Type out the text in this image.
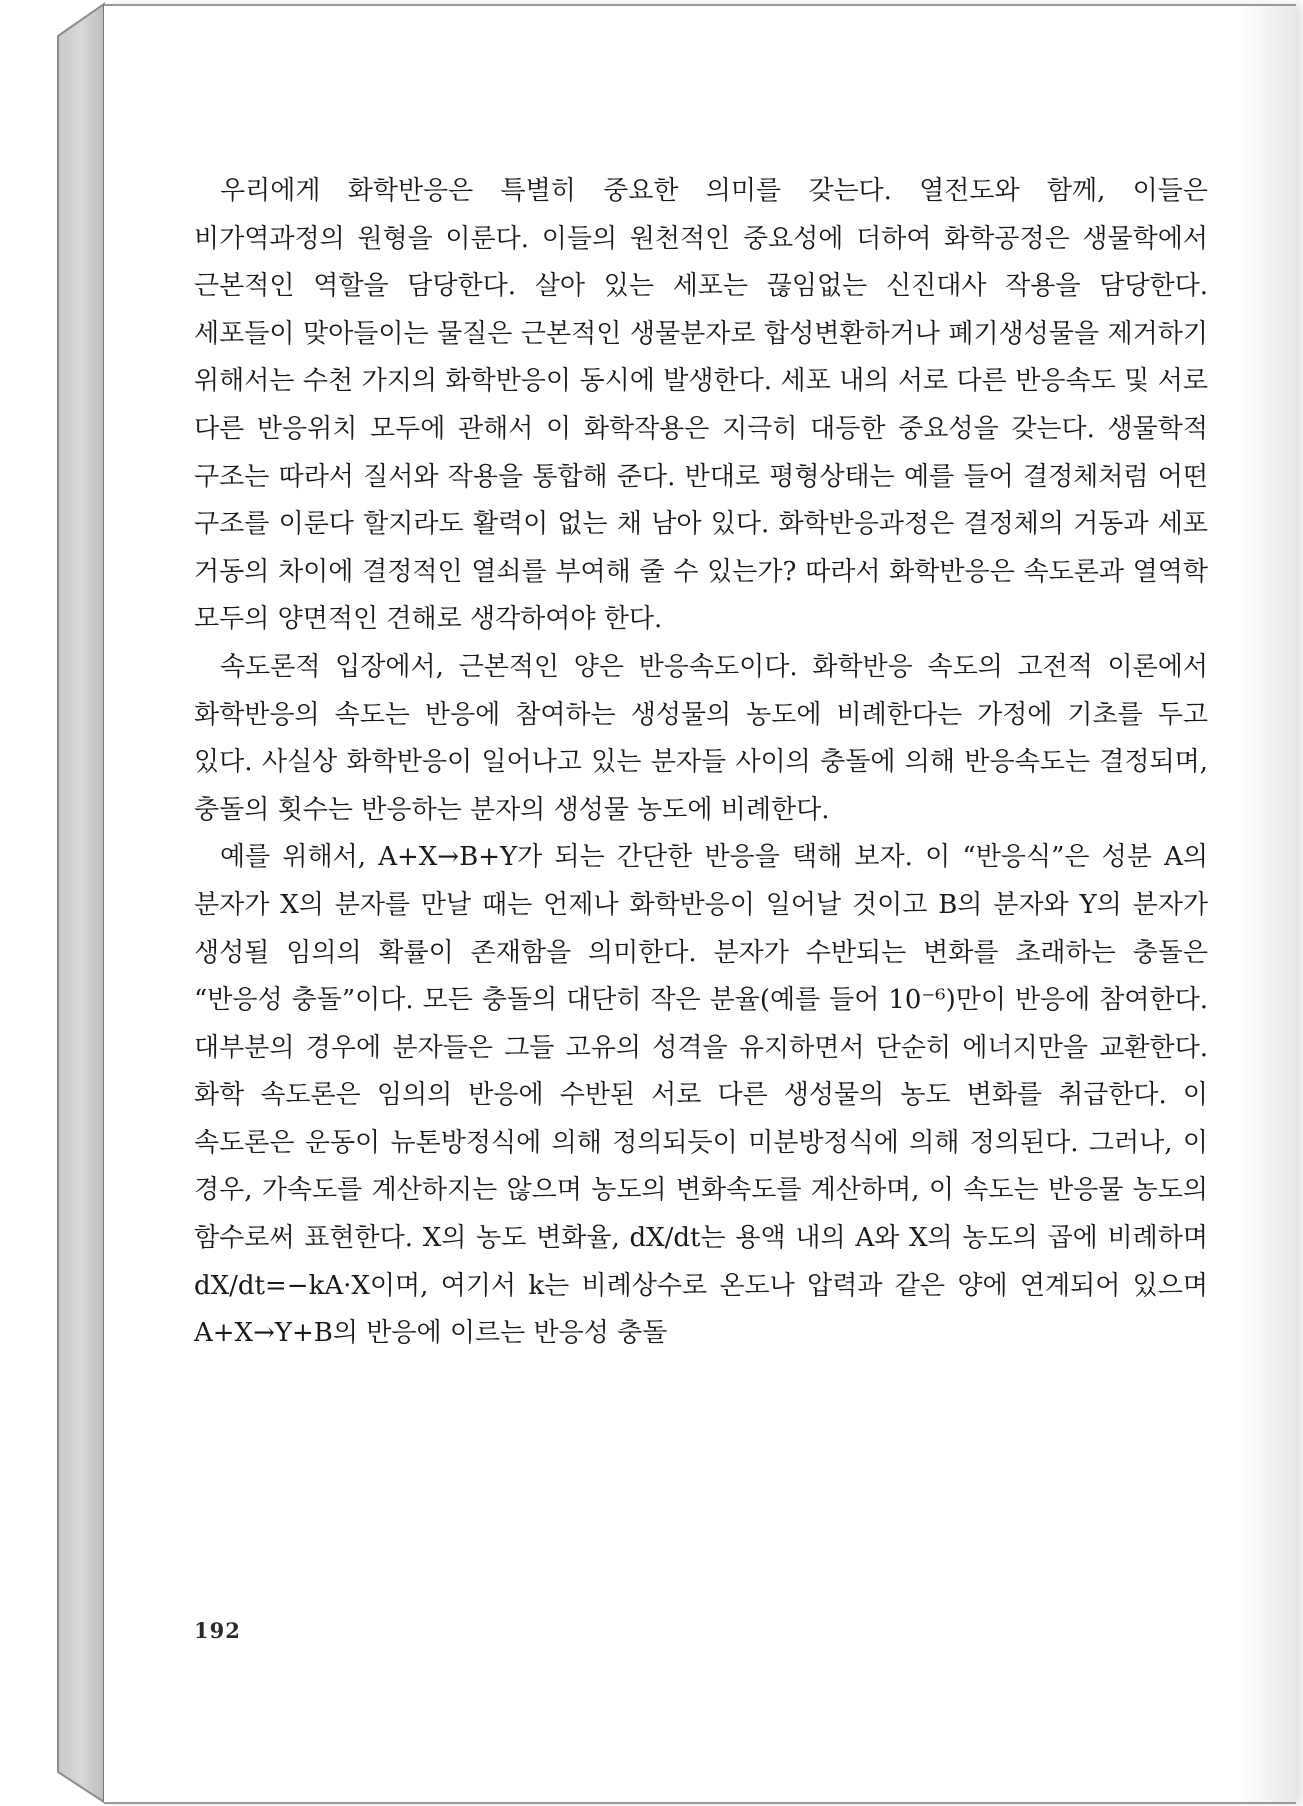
우리에게 화학반응은 특별히 중요한 의미를 갖는다. 열전도와 함께, 이들은 비가역과정의 원형을 이룬다. 이들의 원천적인 중요성에 더하여 화학공정은 생물학에서 근본적인 역할을 담당한다. 살아 있는 세포는 끊임없는 신진대사 작용을 담당한다. 세포들이 맞아들이는 물질은 근본적인 생물분자로 합성변환하거나 폐기생성물을 제거하기 위해서는 수천 가지의 화학반응이 동시에 발생한다. 세포 내의 서로 다른 반응속도 및 서로 다른 반응위치 모두에 관해서 이 화학작용은 지극히 대등한 중요성을 갖는다. 생물학적 구조는 따라서 질서와 작용을 통합해 준다. 반대로 평형상태는 예를 들어 결정체처럼 어떤 구조를 이룬다 할지라도 활력이 없는 채 남아 있다. 화학반응과정은 결정체의 거동과 세포 거동의 차이에 결정적인 열쇠를 부여해 줄 수 있는가? 따라서 화학반응은 속도론과 열역학 모두의 양면적인 견해로 생각하여야 한다.

속도론적 입장에서, 근본적인 양은 반응속도이다. 화학반응 속도의 고전적 이론에서 화학반응의 속도는 반응에 참여하는 생성물의 농도에 비례한다는 가정에 기초를 두고 있다. 사실상 화학반응이 일어나고 있는 분자들 사이의 충돌에 의해 반응속도는 결정되며, 충돌의 횟수는 반응하는 분자의 생성물 농도에 비례한다.

예를 위해서, A+X→B+Y가 되는 간단한 반응을 택해 보자. 이 “반응식”은 성분 A의 분자가 X의 분자를 만날 때는 언제나 화학반응이 일어날 것이고 B의 분자와 Y의 분자가 생성될 임의의 확률이 존재함을 의미한다. 분자가 수반되는 변화를 초래하는 충돌은 “반응성 충돌”이다. 모든 충돌의 대단히 작은 분율(예를 들어 10⁻⁶)만이 반응에 참여한다. 대부분의 경우에 분자들은 그들 고유의 성격을 유지하면서 단순히 에너지만을 교환한다. 화학 속도론은 임의의 반응에 수반된 서로 다른 생성물의 농도 변화를 취급한다. 이 속도론은 운동이 뉴톤방정식에 의해 정의되듯이 미분방정식에 의해 정의된다. 그러나, 이 경우, 가속도를 계산하지는 않으며 농도의 변화속도를 계산하며, 이 속도는 반응물 농도의 함수로써 표현한다. X의 농도 변화율, dX/dt는 용액 내의 A와 X의 농도의 곱에 비례하며 dX/dt=−kA·X이며, 여기서 k는 비례상수로 온도나 압력과 같은 양에 연계되어 있으며 A+X→Y+B의 반응에 이르는 반응성 충돌

192
